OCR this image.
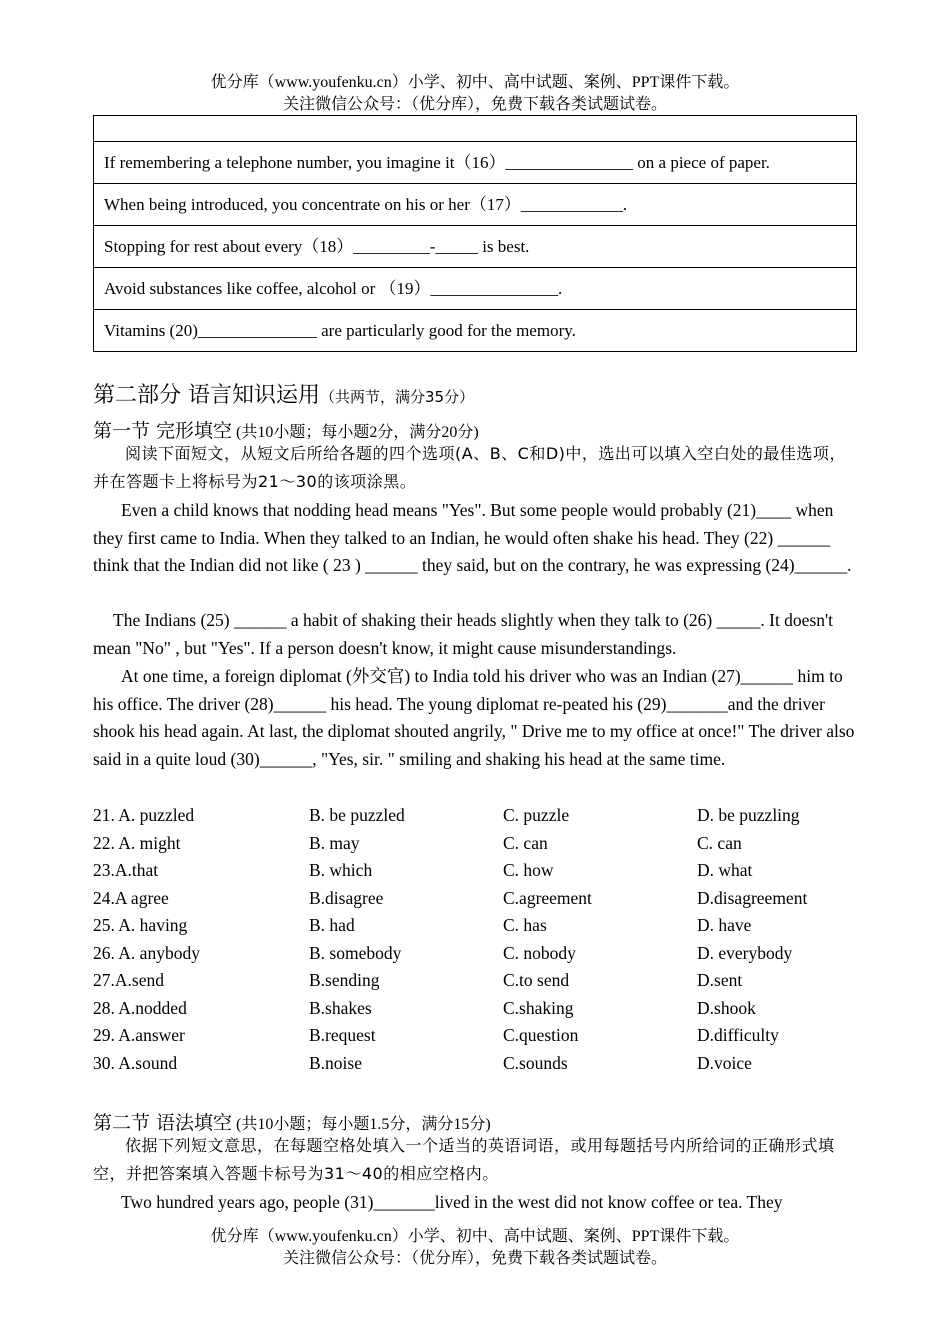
优分库（www.youfenku.cn）小学、初中、高中试题、案例、PPT课件下载。
关注微信公众号：（优分库），免费下载各类试题试卷。

If remembering a telephone number, you imagine it（16）_______________ on a piece of paper.
When being introduced, you concentrate on his or her（17）____________.
Stopping for rest about every（18）_________-_____ is best.
Avoid substances like coffee, alcohol or （19）_______________.
Vitamins (20)______________ are particularly good for the memory.
第二部分 语言知识运用（共两节，满分35分）
第一节 完形填空 (共10小题；每小题2分，满分20分)
阅读下面短文，从短文后所给各题的四个选项(A、B、C和D)中，选出可以填入空白处的最佳选项，并在答题卡上将标号为21～30的该项涂黑。
Even a child knows that nodding head means "Yes". But some people would probably (21)____ when they first came to India. When they talked to an Indian, he would often shake his head. They (22) ______ think that the Indian did not like ( 23 ) ______ they said, but on the contrary, he was expressing (24)______.
The Indians (25) ______ a habit of shaking their heads slightly when they talk to (26) _____. It doesn't mean "No" , but "Yes". If a person doesn't know, it might cause misunderstandings.
At one time, a foreign diplomat (外交官) to India told his driver who was an Indian (27)______ him to his office. The driver (28)______ his head. The young diplomat re-peated his (29)_______and the driver shook his head again. At last, the diplomat shouted angrily, " Drive me to my office at once!" The driver also said in a quite loud (30)______, "Yes, sir. " smiling and shaking his head at the same time.
21. A. puzzled	B. be puzzled	C. puzzle	D. be puzzling
22. A. might	B. may	C. can	C. can
23.A.that	B. which	C. how	D. what
24.A agree	B.disagree	C.agreement	D.disagreement
25. A. having	B. had	C. has	D. have
26. A. anybody	B. somebody	C. nobody	D. everybody
27.A.send	B.sending	C.to send	D.sent
28. A.nodded	B.shakes	C.shaking	D.shook
29. A.answer	B.request	C.question	D.difficulty
30. A.sound	B.noise	C.sounds	D.voice
第二节 语法填空 (共10小题；每小题1.5分，满分15分)
依据下列短文意思，在每题空格处填入一个适当的英语词语，或用每题括号内所给词的正确形式填空，并把答案填入答题卡标号为31～40的相应空格内。
Two hundred years ago, people (31)_______lived in the west did not know coffee or tea. They
优分库（www.youfenku.cn）小学、初中、高中试题、案例、PPT课件下载。
关注微信公众号：（优分库），免费下载各类试题试卷。
